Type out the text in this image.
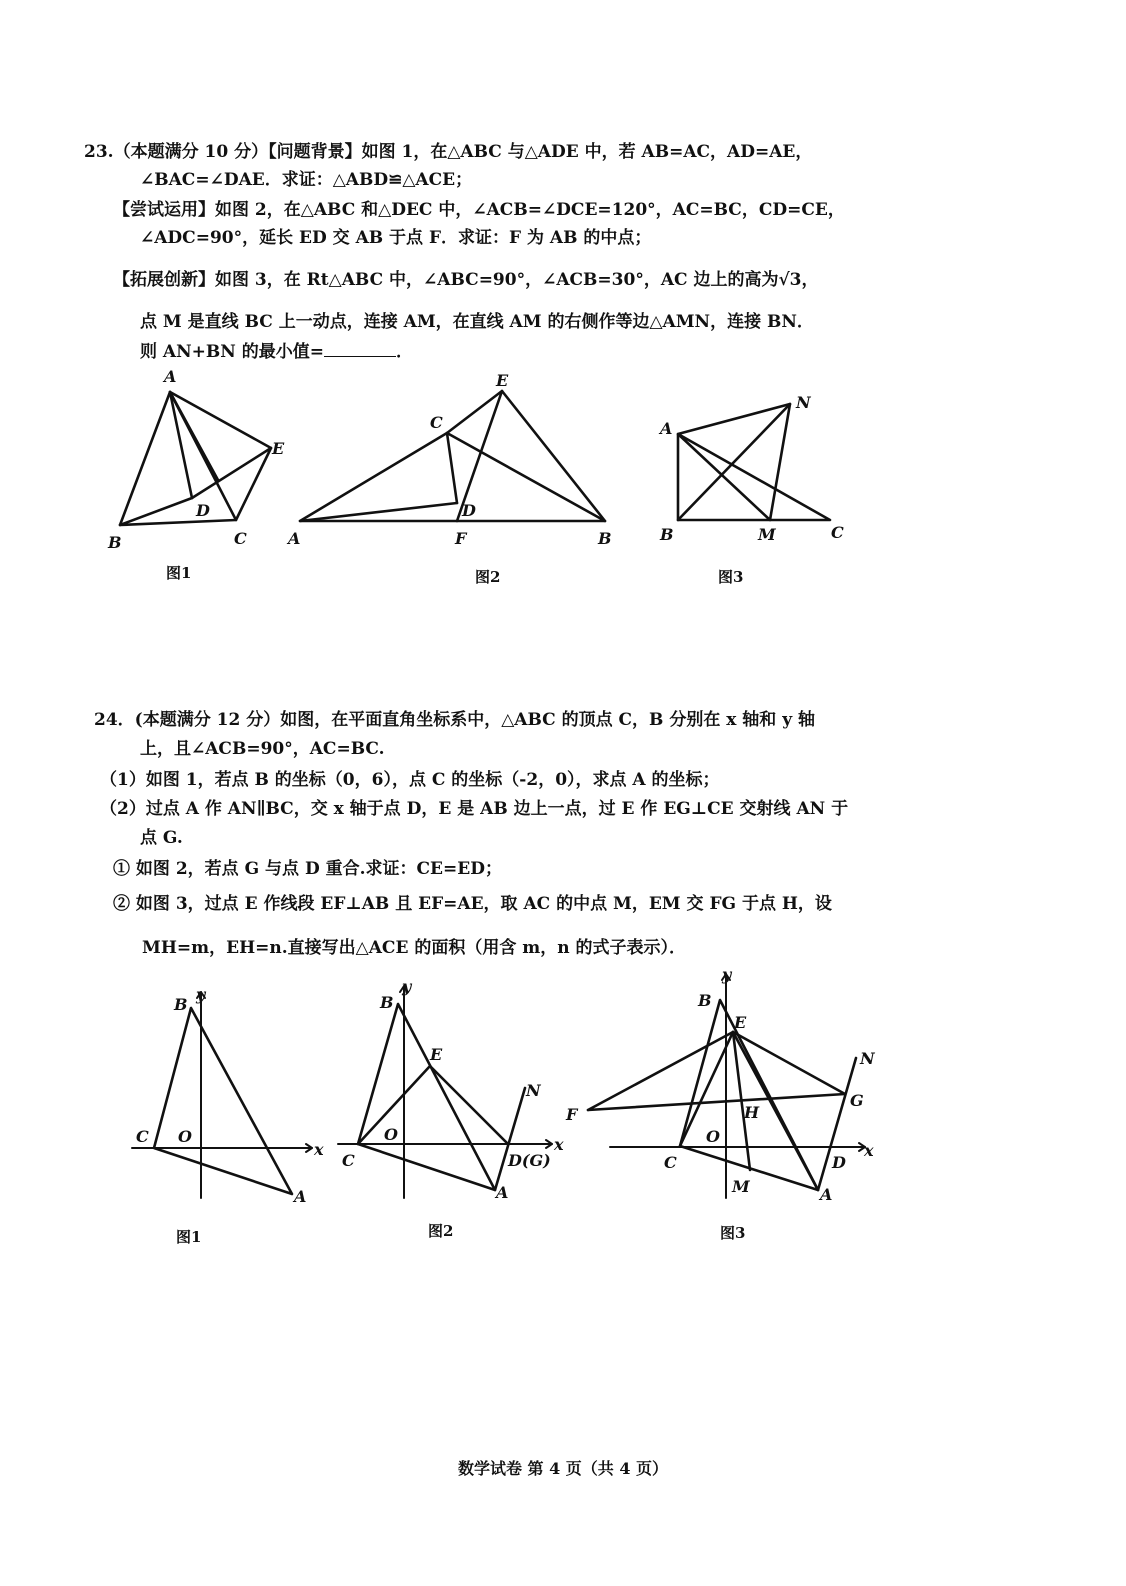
23.（本题满分 10 分）【问题背景】如图 1，在△ABC 与△ADE 中，若 AB=AC，AD=AE，
∠BAC=∠DAE．求证：△ABD≌△ACE；
【尝试运用】如图 2，在△ABC 和△DEC 中，∠ACB=∠DCE=120°，AC=BC，CD=CE，
∠ADC=90°，延长 ED 交 AB 于点 F．求证：F 为 AB 的中点；
【拓展创新】如图 3，在 Rt△ABC 中，∠ABC=90°，∠ACB=30°，AC 边上的高为√3，
点 M 是直线 BC 上一动点，连接 AM，在直线 AM 的右侧作等边△AMN，连接 BN．
则 AN+BN 的最小值=	．
A
B	C
D
E
图1
A	B
C
D
E
F
图2
A
B	C
M
N
图3
24．(本题满分 12 分）如图，在平面直角坐标系中，△ABC 的顶点 C，B 分别在 x 轴和 y 轴
上，且∠ACB=90°，AC=BC.
（1）如图 1，若点 B 的坐标（0，6），点 C 的坐标（-2，0），求点 A 的坐标；
（2）过点 A 作 AN∥BC，交 x 轴于点 D，E 是 AB 边上一点，过 E 作 EG⊥CE 交射线 AN 于
点 G.
① 如图 2，若点 G 与点 D 重合.求证：CE=ED；
② 如图 3，过点 E 作线段 EF⊥AB 且 EF=AE，取 AC 的中点 M，EM 交 FG 于点 H，设
MH=m，EH=n.直接写出△ACE 的面积（用含 m，n 的式子表示）．
B
y
C O
x
A
图1
B
y
E
N
O
C
x
D(G)
A
图2
B
y
E
N
F
G
H
O
C	D
x
M	A
图3
数学试卷 第 4 页（共 4 页）
